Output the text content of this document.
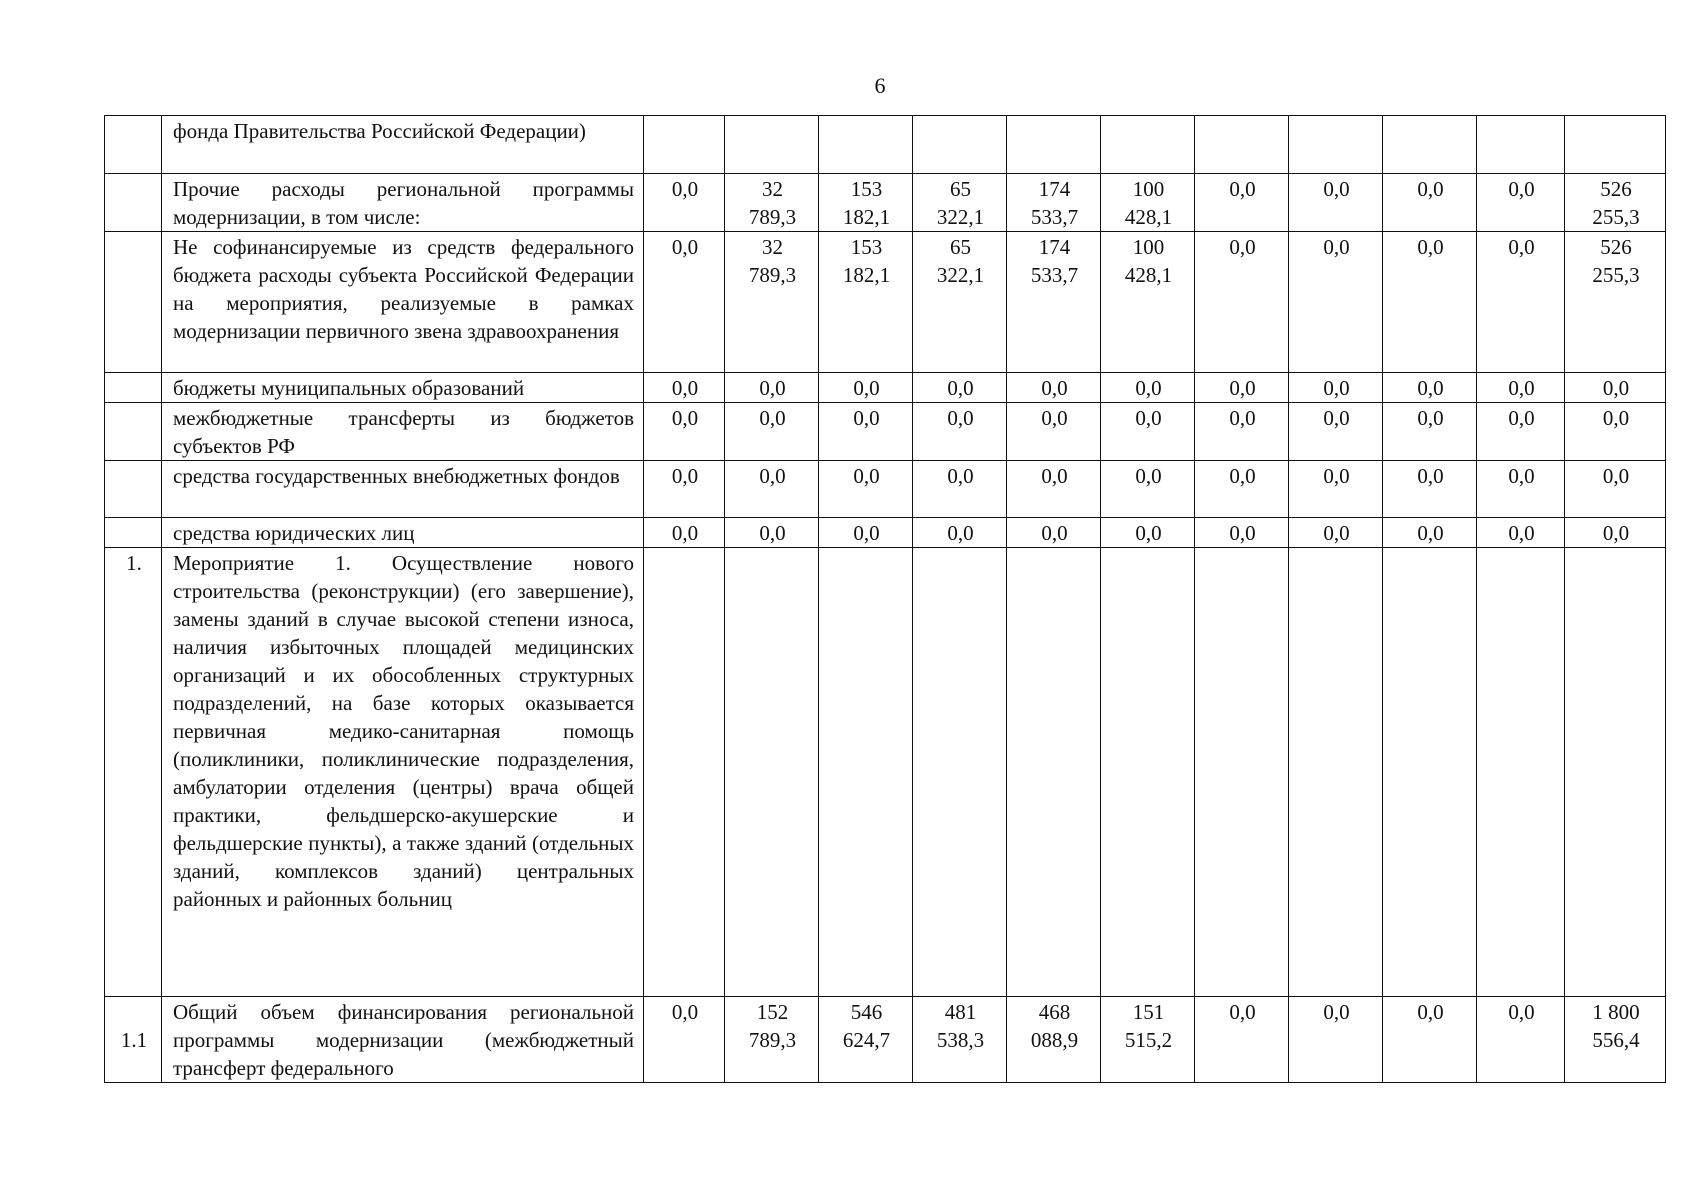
6
	фонда Правительства Российской Федерации)											
	Прочие расходы региональной программы модернизации, в том числе:	0,0	32 789,3	153 182,1	65 322,1	174 533,7	100 428,1	0,0	0,0	0,0	0,0	526 255,3
	Не софинансируемые из средств федерального бюджета расходы субъекта Российской Федерации на мероприятия, реализуемые в рамках модернизации первичного звена здравоохранения	0,0	32 789,3	153 182,1	65 322,1	174 533,7	100 428,1	0,0	0,0	0,0	0,0	526 255,3
	бюджеты муниципальных образований	0,0	0,0	0,0	0,0	0,0	0,0	0,0	0,0	0,0	0,0	0,0
	межбюджетные трансферты из бюджетов субъектов РФ	0,0	0,0	0,0	0,0	0,0	0,0	0,0	0,0	0,0	0,0	0,0
	средства государственных внебюджетных фондов	0,0	0,0	0,0	0,0	0,0	0,0	0,0	0,0	0,0	0,0	0,0
	средства юридических лиц	0,0	0,0	0,0	0,0	0,0	0,0	0,0	0,0	0,0	0,0	0,0
1.	Мероприятие 1. Осуществление нового строительства (реконструкции) (его завершение), замены зданий в случае высокой степени износа, наличия избыточных площадей медицинских организаций и их обособленных структурных подразделений, на базе которых оказывается первичная медико-санитарная помощь (поликлиники, поликлинические подразделения, амбулатории отделения (центры) врача общей практики, фельдшерско-акушерские и фельдшерские пункты), а также зданий (отдельных зданий, комплексов зданий) центральных районных и районных больниц											
1.1	Общий объем финансирования региональной программы модернизации (межбюджетный трансферт федерального	0,0	152 789,3	546 624,7	481 538,3	468 088,9	151 515,2	0,0	0,0	0,0	0,0	1 800 556,4
